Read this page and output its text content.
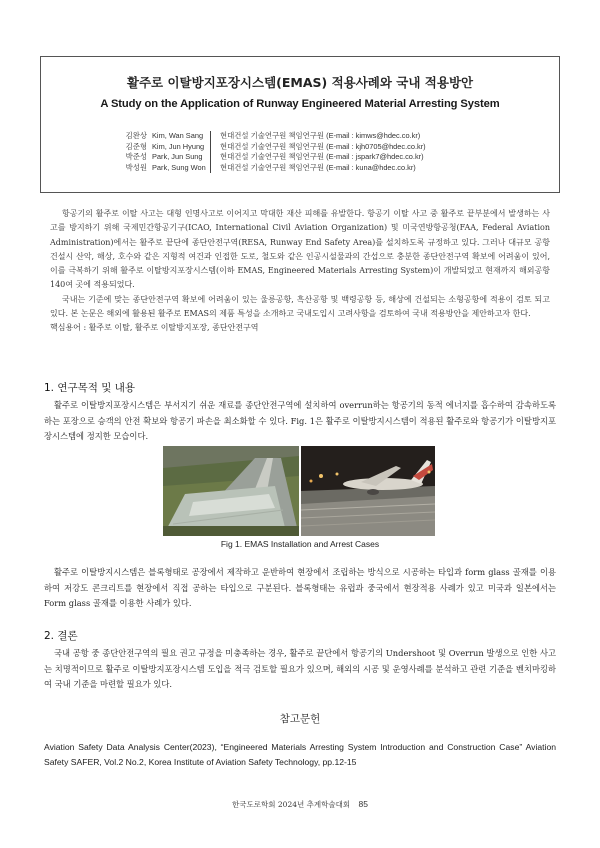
활주로 이탈방지포장시스템(EMAS) 적용사례와 국내 적용방안
A Study on the Application of Runway Engineered Material Arresting System
김완상 Kim, Wan Sang	현대건설 기술연구원 책임연구원 (E-mail : kimws@hdec.co.kr)
김준형 Kim, Jun Hyung	현대건설 기술연구원 책임연구원 (E-mail : kjh0705@hdec.co.kr)
박준성 Park, Jun Sung	현대건설 기술연구원 책임연구원 (E-mail : jspark7@hdec.co.kr)
박성원 Park, Sung Won	현대건설 기술연구원 책임연구원 (E-mail : kuna@hdec.co.kr)

항공기의 활주로 이탈 사고는 대형 인명사고로 이어지고 막대한 재산 피해를 유발한다. 항공기 이탈 사고 중 활주로 끝부분에서 발생하는 사고를 방지하기 위해 국제민간항공기구(ICAO, International Civil Aviation Organization) 및 미국연방항공청(FAA, Federal Aviation Administration)에서는 활주로 끝단에 종단안전구역(RESA, Runway End Safety Area)를 설치하도록 규정하고 있다. 그러나 대규모 공항 건설시 산악, 해상, 호수와 같은 지형적 여건과 인접한 도로, 철도와 같은 인공시설물과의 간섭으로 충분한 종단안전구역 확보에 어려움이 있어, 이를 극복하기 위해 활주로 이탈방지포장시스템(이하 EMAS, Engineered Materials Arresting System)이 개발되었고 현재까지 해외공항 140여 곳에 적용되었다.

국내는 기준에 맞는 종단안전구역 확보에 어려움이 있는 울릉공항, 흑산공항 및 백령공항 등, 해상에 건설되는 소형공항에 적용이 검토 되고 있다. 본 논문은 해외에 활용된 활주로 EMAS의 제품 특성을 소개하고 국내도입시 고려사항을 검토하여 국내 적용방안을 제안하고자 한다.

핵심용어 : 활주로 이탈, 활주로 이탈방지포장, 종단안전구역

1. 연구목적 및 내용

활주로 이탈방지포장시스템은 부서지기 쉬운 재료를 종단안전구역에 설치하여 overrun하는 항공기의 동적 에너지를 흡수하여 감속하도록 하는 포장으로 승객의 안전 확보와 항공기 파손을 최소화할 수 있다. Fig. 1은 활주로 이탈방지시스템이 적용된 활주로와 항공기가 이탈방지포장시스템에 정지한 모습이다.

Fig 1. EMAS Installation and Arrest Cases

활주로 이탈방지시스템은 블록형태로 공장에서 제작하고 운반하여 현장에서 조립하는 방식으로 시공하는 타입과 form glass 골재를 이용하여 저강도 콘크리트를 현장에서 직접 공하는 타입으로 구분된다. 블록형태는 유럽과 중국에서 현장적용 사례가 있고 미국과 일본에서는 Form glass 골재를 이용한 사례가 있다.

2. 결론

국내 공항 중 종단안전구역의 필요 권고 규정을 미충족하는 경우, 활주로 끝단에서 항공기의 Undershoot 및 Overrun 발생으로 인한 사고는 치명적이므로 활주로 이탈방지포장시스템 도입을 적극 검토할 필요가 있으며, 해외의 시공 및 운영사례를 분석하고 관련 기준을 벤치마킹하여 국내 기준을 마련할 필요가 있다.

참고문헌
Aviation Safety Data Analysis Center(2023), “Engineered Materials Arresting System Introduction and Construction Case” Aviation Safety SAFER, Vol.2 No.2, Korea Institute of Aviation Safety Technology, pp.12-15
한국도로학회 2024년 추계학술대회 85
